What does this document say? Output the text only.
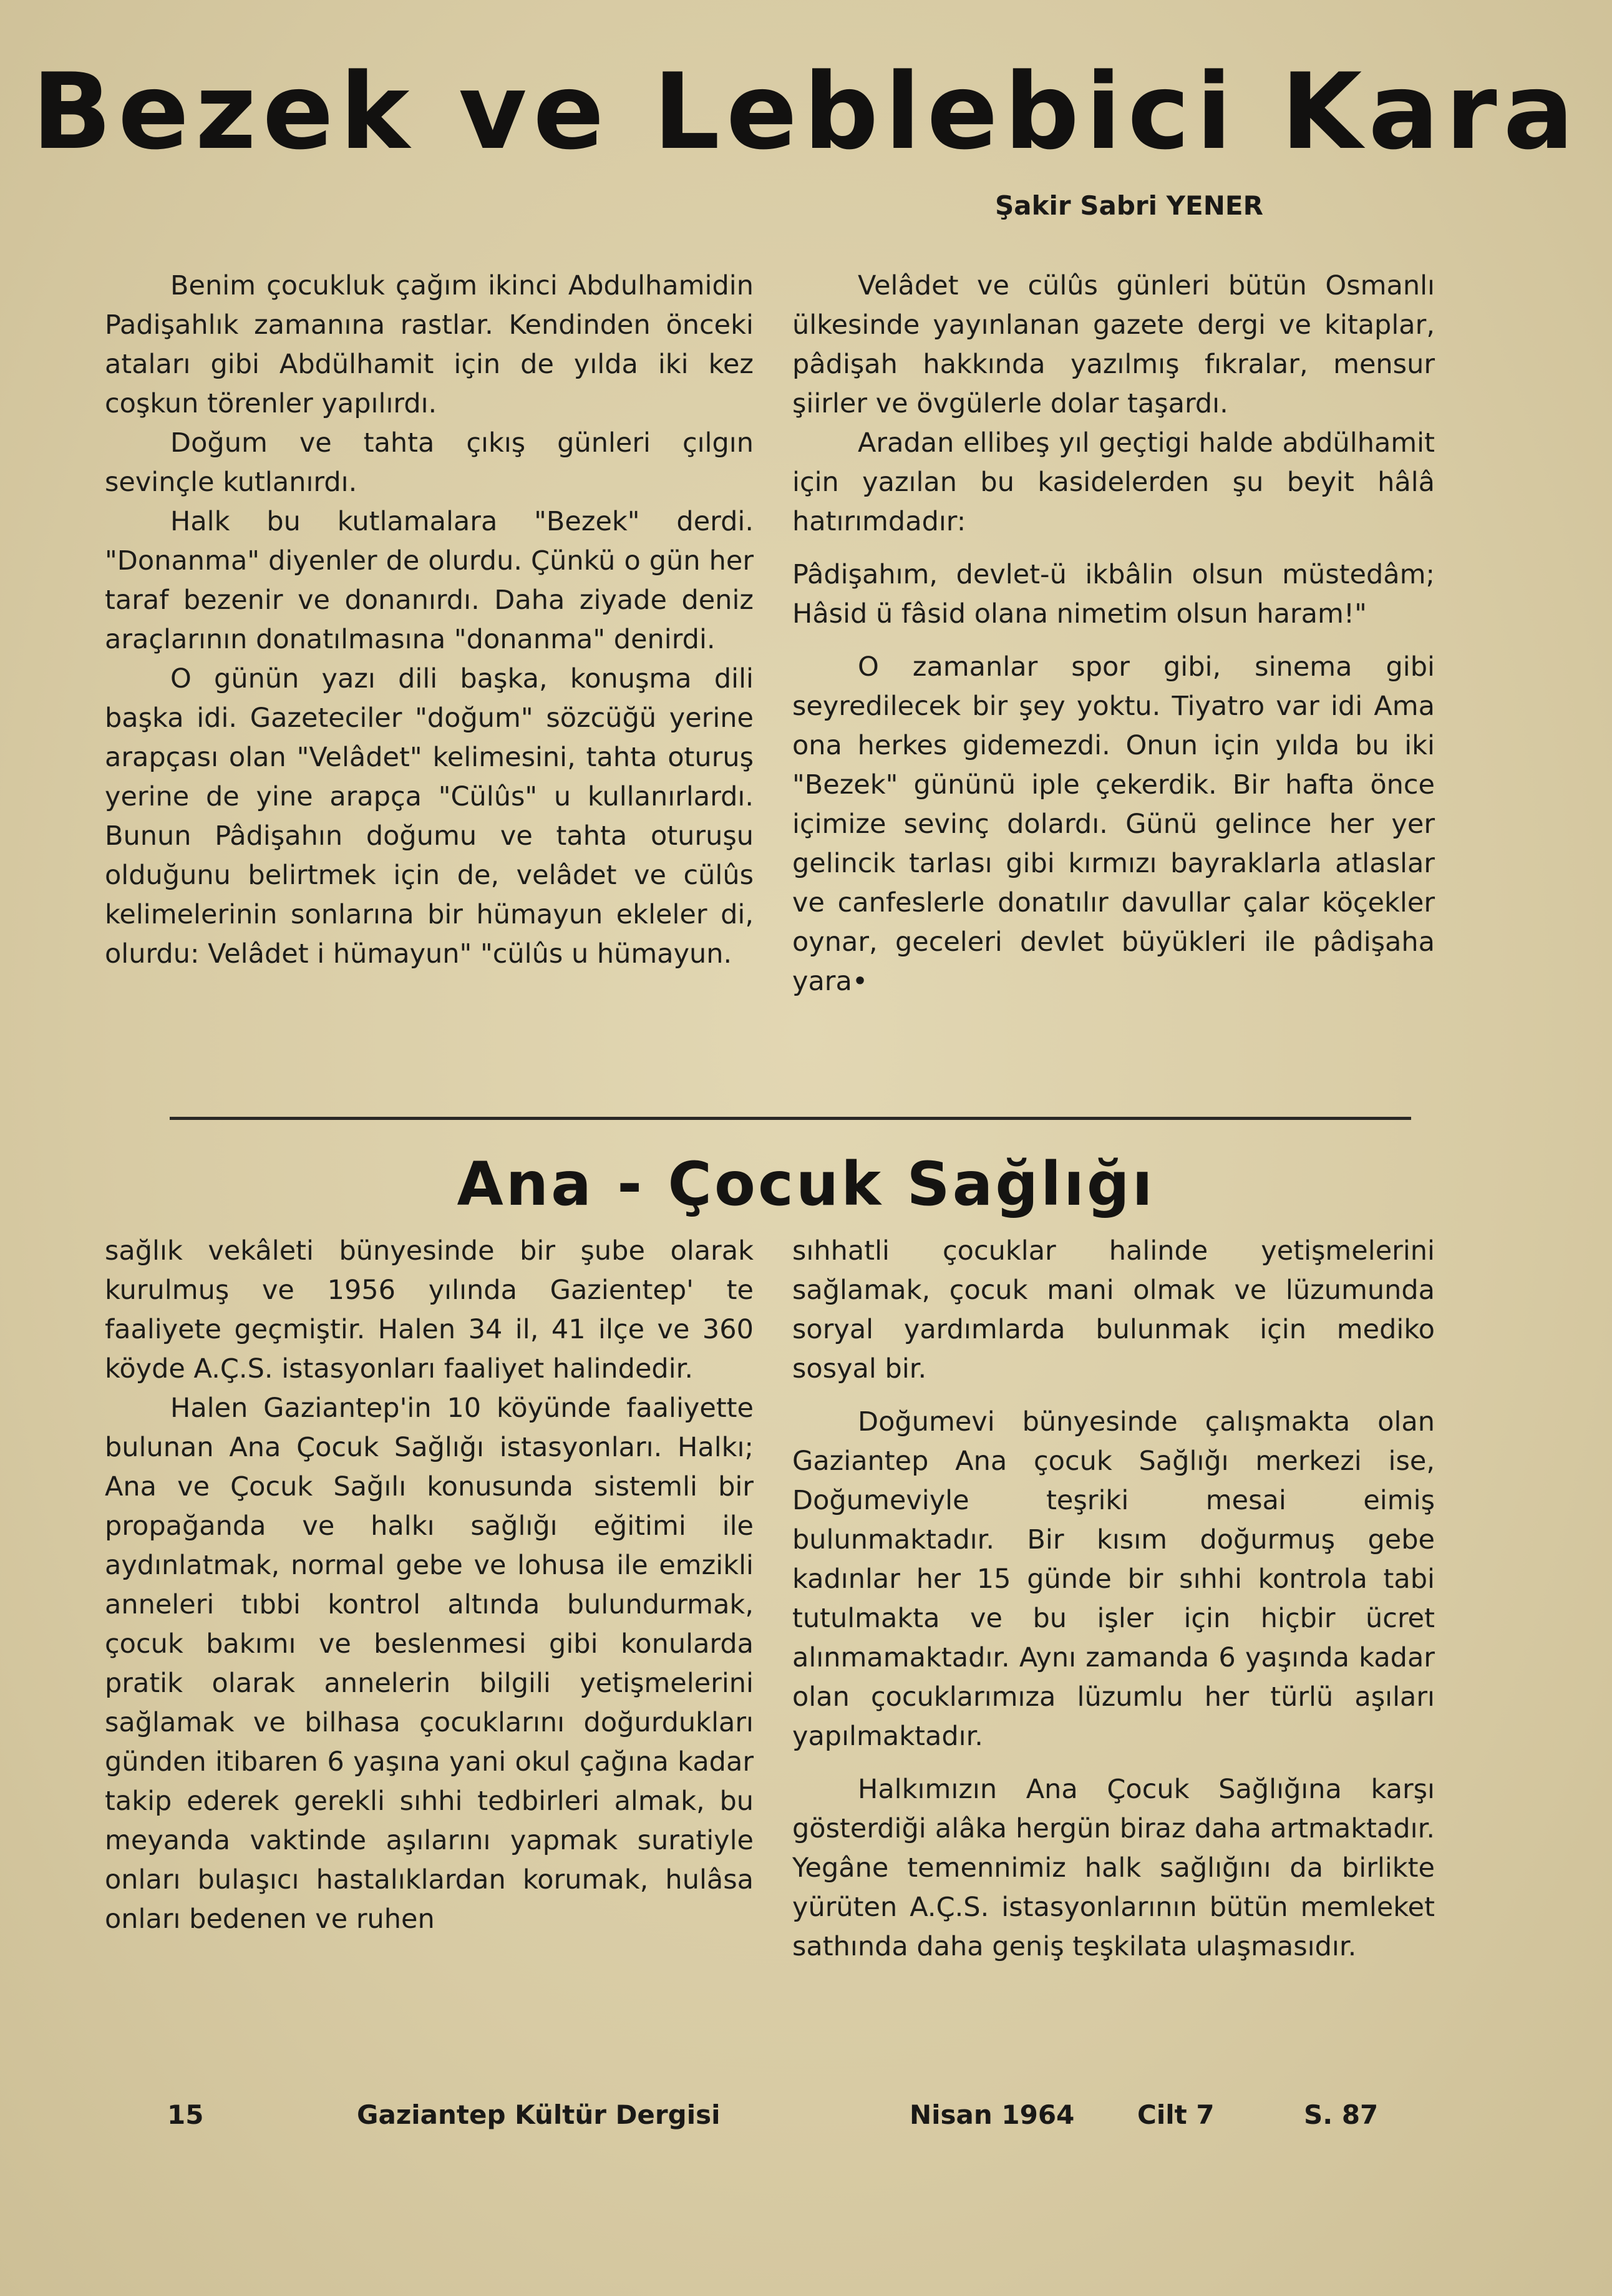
Bezek ve Leblebici Kara
Şakir Sabri YENER

Benim çocukluk çağım ikinci Abdulhamidin Padişahlık zamanına rastlar. Kendinden önceki ataları gibi Abdülhamit için de yılda iki kez coşkun törenler yapılırdı.

Doğum ve tahta çıkış günleri çılgın sevinçle kutlanırdı.

Halk bu kutlamalara "Bezek" derdi. "Donanma" diyenler de olurdu. Çünkü o gün her taraf bezenir ve donanırdı. Daha ziyade deniz araçlarının donatılmasına "donanma" denirdi.

O günün yazı dili başka, konuşma dili başka idi. Gazeteciler "doğum" sözcüğü yerine arapçası olan "Velâdet" kelimesini, tahta oturuş yerine de yine arapça "Cülûs" u kullanırlardı. Bunun Pâdişahın doğumu ve tahta oturuşu olduğunu belirtmek için de, velâdet ve cülûs kelimelerinin sonlarına bir hümayun ekleler di, olurdu: Velâdet i hümayun" "cülûs u hümayun.

Velâdet ve cülûs günleri bütün Osmanlı ülkesinde yayınlanan gazete dergi ve kitaplar, pâdişah hakkında yazılmış fıkralar, mensur şiirler ve övgülerle dolar taşardı.

Aradan ellibeş yıl geçtigi halde abdülhamit için yazılan bu kasidelerden şu beyit hâlâ hatırımdadır:

Pâdişahım, devlet-ü ikbâlin olsun müstedâm; Hâsid ü fâsid olana nimetim olsun haram!"

O zamanlar spor gibi, sinema gibi seyredilecek bir şey yoktu. Tiyatro var idi Ama ona herkes gidemezdi. Onun için yılda bu iki "Bezek" gününü iple çekerdik. Bir hafta önce içimize sevinç dolardı. Günü gelince her yer gelincik tarlası gibi kırmızı bayraklarla atlaslar ve canfeslerle donatılır davullar çalar köçekler oynar, geceleri devlet büyükleri ile pâdişaha yara•

Ana - Çocuk Sağlığı

sağlık vekâleti bünyesinde bir şube olarak kurulmuş ve 1956 yılında Gazientep' te faaliyete geçmiştir. Halen 34 il, 41 ilçe ve 360 köyde A.Ç.S. istasyonları faaliyet halindedir.

Halen Gaziantep'in 10 köyünde faaliyette bulunan Ana Çocuk Sağlığı istasyonları. Halkı; Ana ve Çocuk Sağılı konusunda sistemli bir propağanda ve halkı sağlığı eğitimi ile aydınlatmak, normal gebe ve lohusa ile emzikli anneleri tıbbi kontrol altında bulundurmak, çocuk bakımı ve beslenmesi gibi konularda pratik olarak annelerin bilgili yetişmelerini sağlamak ve bilhasa çocuklarını doğurdukları günden itibaren 6 yaşına yani okul çağına kadar takip ederek gerekli sıhhi tedbirleri almak, bu meyanda vaktinde aşılarını yapmak suratiyle onları bulaşıcı hastalıklardan korumak, hulâsa onları bedenen ve ruhen

sıhhatli çocuklar halinde yetişmelerini sağlamak, çocuk mani olmak ve lüzumunda soryal yardımlarda bulunmak için mediko sosyal bir.

Doğumevi bünyesinde çalışmakta olan Gaziantep Ana çocuk Sağlığı merkezi ise, Doğumeviyle teşriki mesai eimiş bulunmaktadır. Bir kısım doğurmuş gebe kadınlar her 15 günde bir sıhhi kontrola tabi tutulmakta ve bu işler için hiçbir ücret alınmamaktadır. Aynı zamanda 6 yaşında kadar olan çocuklarımıza lüzumlu her türlü aşıları yapılmaktadır.

Halkımızın Ana Çocuk Sağlığına karşı gösterdiği alâka hergün biraz daha artmaktadır. Yegâne temennimiz halk sağlığını da birlikte yürüten A.Ç.S. istasyonlarının bütün memleket sathında daha geniş teşkilata ulaşmasıdır.

15	Gaziantep Kültür Dergisi	Nisan 1964 Cilt 7	S. 87
